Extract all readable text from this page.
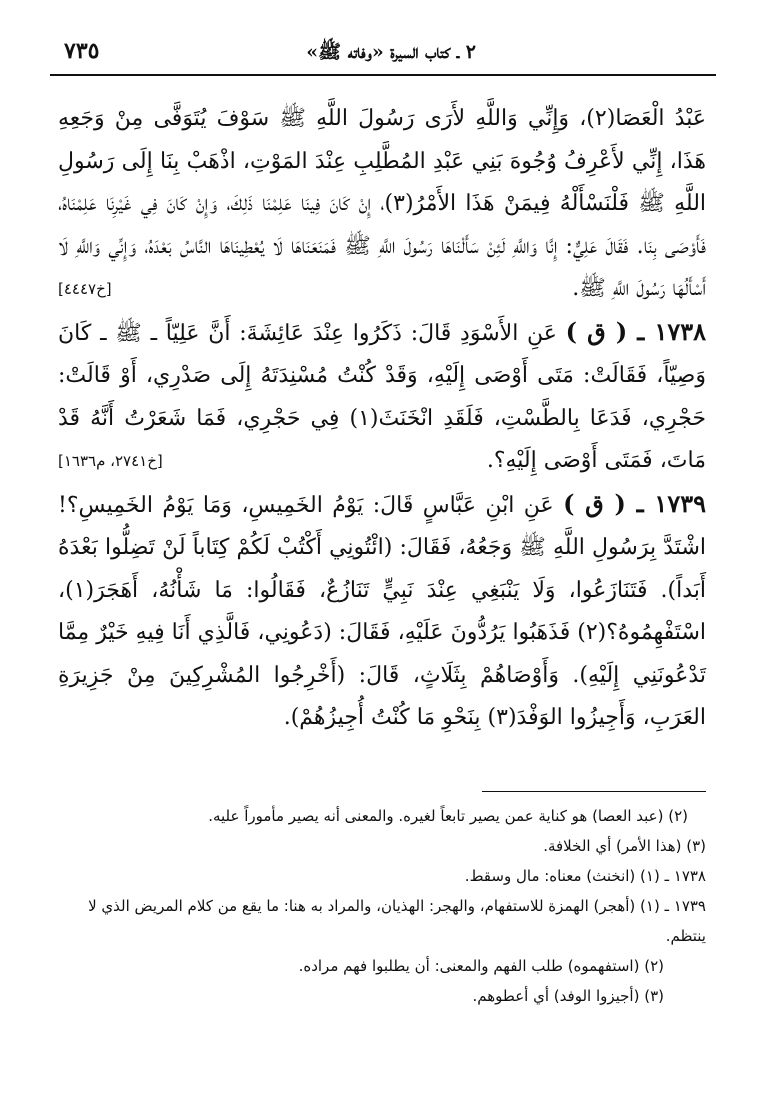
٢ ـ كتاب السيرة «وفاته ﷺ»
٧٣٥

عَبْدُ الْعَصَا(٢)، وَإِنِّي وَاللَّهِ لأَرَى رَسُولَ اللَّهِ ﷺ سَوْفَ يُتَوَفَّى مِنْ وَجَعِهِ هَذَا، إِنِّي لأَعْرِفُ وُجُوهَ بَنِي عَبْدِ المُطَّلِبِ عِنْدَ المَوْتِ، اذْهَبْ بِنَا إِلَى رَسُولِ اللَّهِ ﷺ فَلْنَسْأَلْهُ فِيمَنْ هَذَا الأَمْرُ(٣)، إِنْ كَانَ فِينَا عَلِمْنَا ذَلِكَ، وَإِنْ كَانَ فِي غَيْرِنَا عَلِمْنَاهُ، فَأَوْصَى بِنَا. فَقَالَ عَلِيٌّ: إِنَّا وَاللَّهِ لَئِنْ سَأَلْنَاهَا رَسُولَ اللَّهِ ﷺ فَمَنَعَنَاهَا لَا يُعْطِينَاهَا النَّاسُ بَعْدَهُ، وَإِنِّي وَاللَّهِ لَا أَسْأَلُهَا رَسُولَ اللَّهِ ﷺ.
[خ٤٤٤٧]

١٧٣٨ ـ ( ق ) عَنِ الأَسْوَدِ قَالَ: ذَكَرُوا عِنْدَ عَائِشَةَ: أَنَّ عَلِيّاً ـ ﷺ ـ كَانَ وَصِيّاً، فَقَالَتْ: مَتَى أَوْصَى إِلَيْهِ، وَقَدْ كُنْتُ مُسْنِدَتَهُ إِلَى صَدْرِي، أَوْ قَالَتْ: حَجْرِي، فَدَعَا بِالطَّسْتِ، فَلَقَدِ انْخَنَثَ(١) فِي حَجْرِي، فَمَا شَعَرْتُ أَنَّهُ قَدْ مَاتَ، فَمَتَى أَوْصَى إِلَيْهِ؟.
[خ٢٧٤١، م١٦٣٦]

١٧٣٩ ـ ( ق ) عَنِ ابْنِ عَبَّاسٍ قَالَ: يَوْمُ الخَمِيسِ، وَمَا يَوْمُ الخَمِيسِ؟! اشْتَدَّ بِرَسُولِ اللَّهِ ﷺ وَجَعُهُ، فَقَالَ: (ائْتُونِي أَكْتُبْ لَكُمْ كِتَاباً لَنْ تَضِلُّوا بَعْدَهُ أَبَداً). فَتَنَازَعُوا، وَلَا يَنْبَغِي عِنْدَ نَبِيٍّ تَنَازُعٌ، فَقَالُوا: مَا شَأْنُهُ، أَهَجَرَ(١)، اسْتَفْهِمُوهُ؟(٢) فَذَهَبُوا يَرُدُّونَ عَلَيْهِ، فَقَالَ: (دَعُونِي، فَالَّذِي أَنَا فِيهِ خَيْرٌ مِمَّا تَدْعُونَنِي إِلَيْهِ). وَأَوْصَاهُمْ بِثَلَاثٍ، قَالَ: (أَخْرِجُوا المُشْرِكِينَ مِنْ جَزِيرَةِ العَرَبِ، وَأَجِيزُوا الوَفْدَ(٣) بِنَحْوِ مَا كُنْتُ أُجِيزُهُمْ).

(٢) (عبد العصا) هو كناية عمن يصير تابعاً لغيره. والمعنى أنه يصير مأموراً عليه.

(٣) (هذا الأمر) أي الخلافة.

١٧٣٨ ـ (١) (انخنث) معناه: مال وسقط.

١٧٣٩ ـ (١) (أهجر) الهمزة للاستفهام، والهجر: الهذيان، والمراد به هنا: ما يقع من كلام المريض الذي لا ينتظم.

(٢) (استفهموه) طلب الفهم والمعنى: أن يطلبوا فهم مراده.

(٣) (أجيزوا الوفد) أي أعطوهم.
